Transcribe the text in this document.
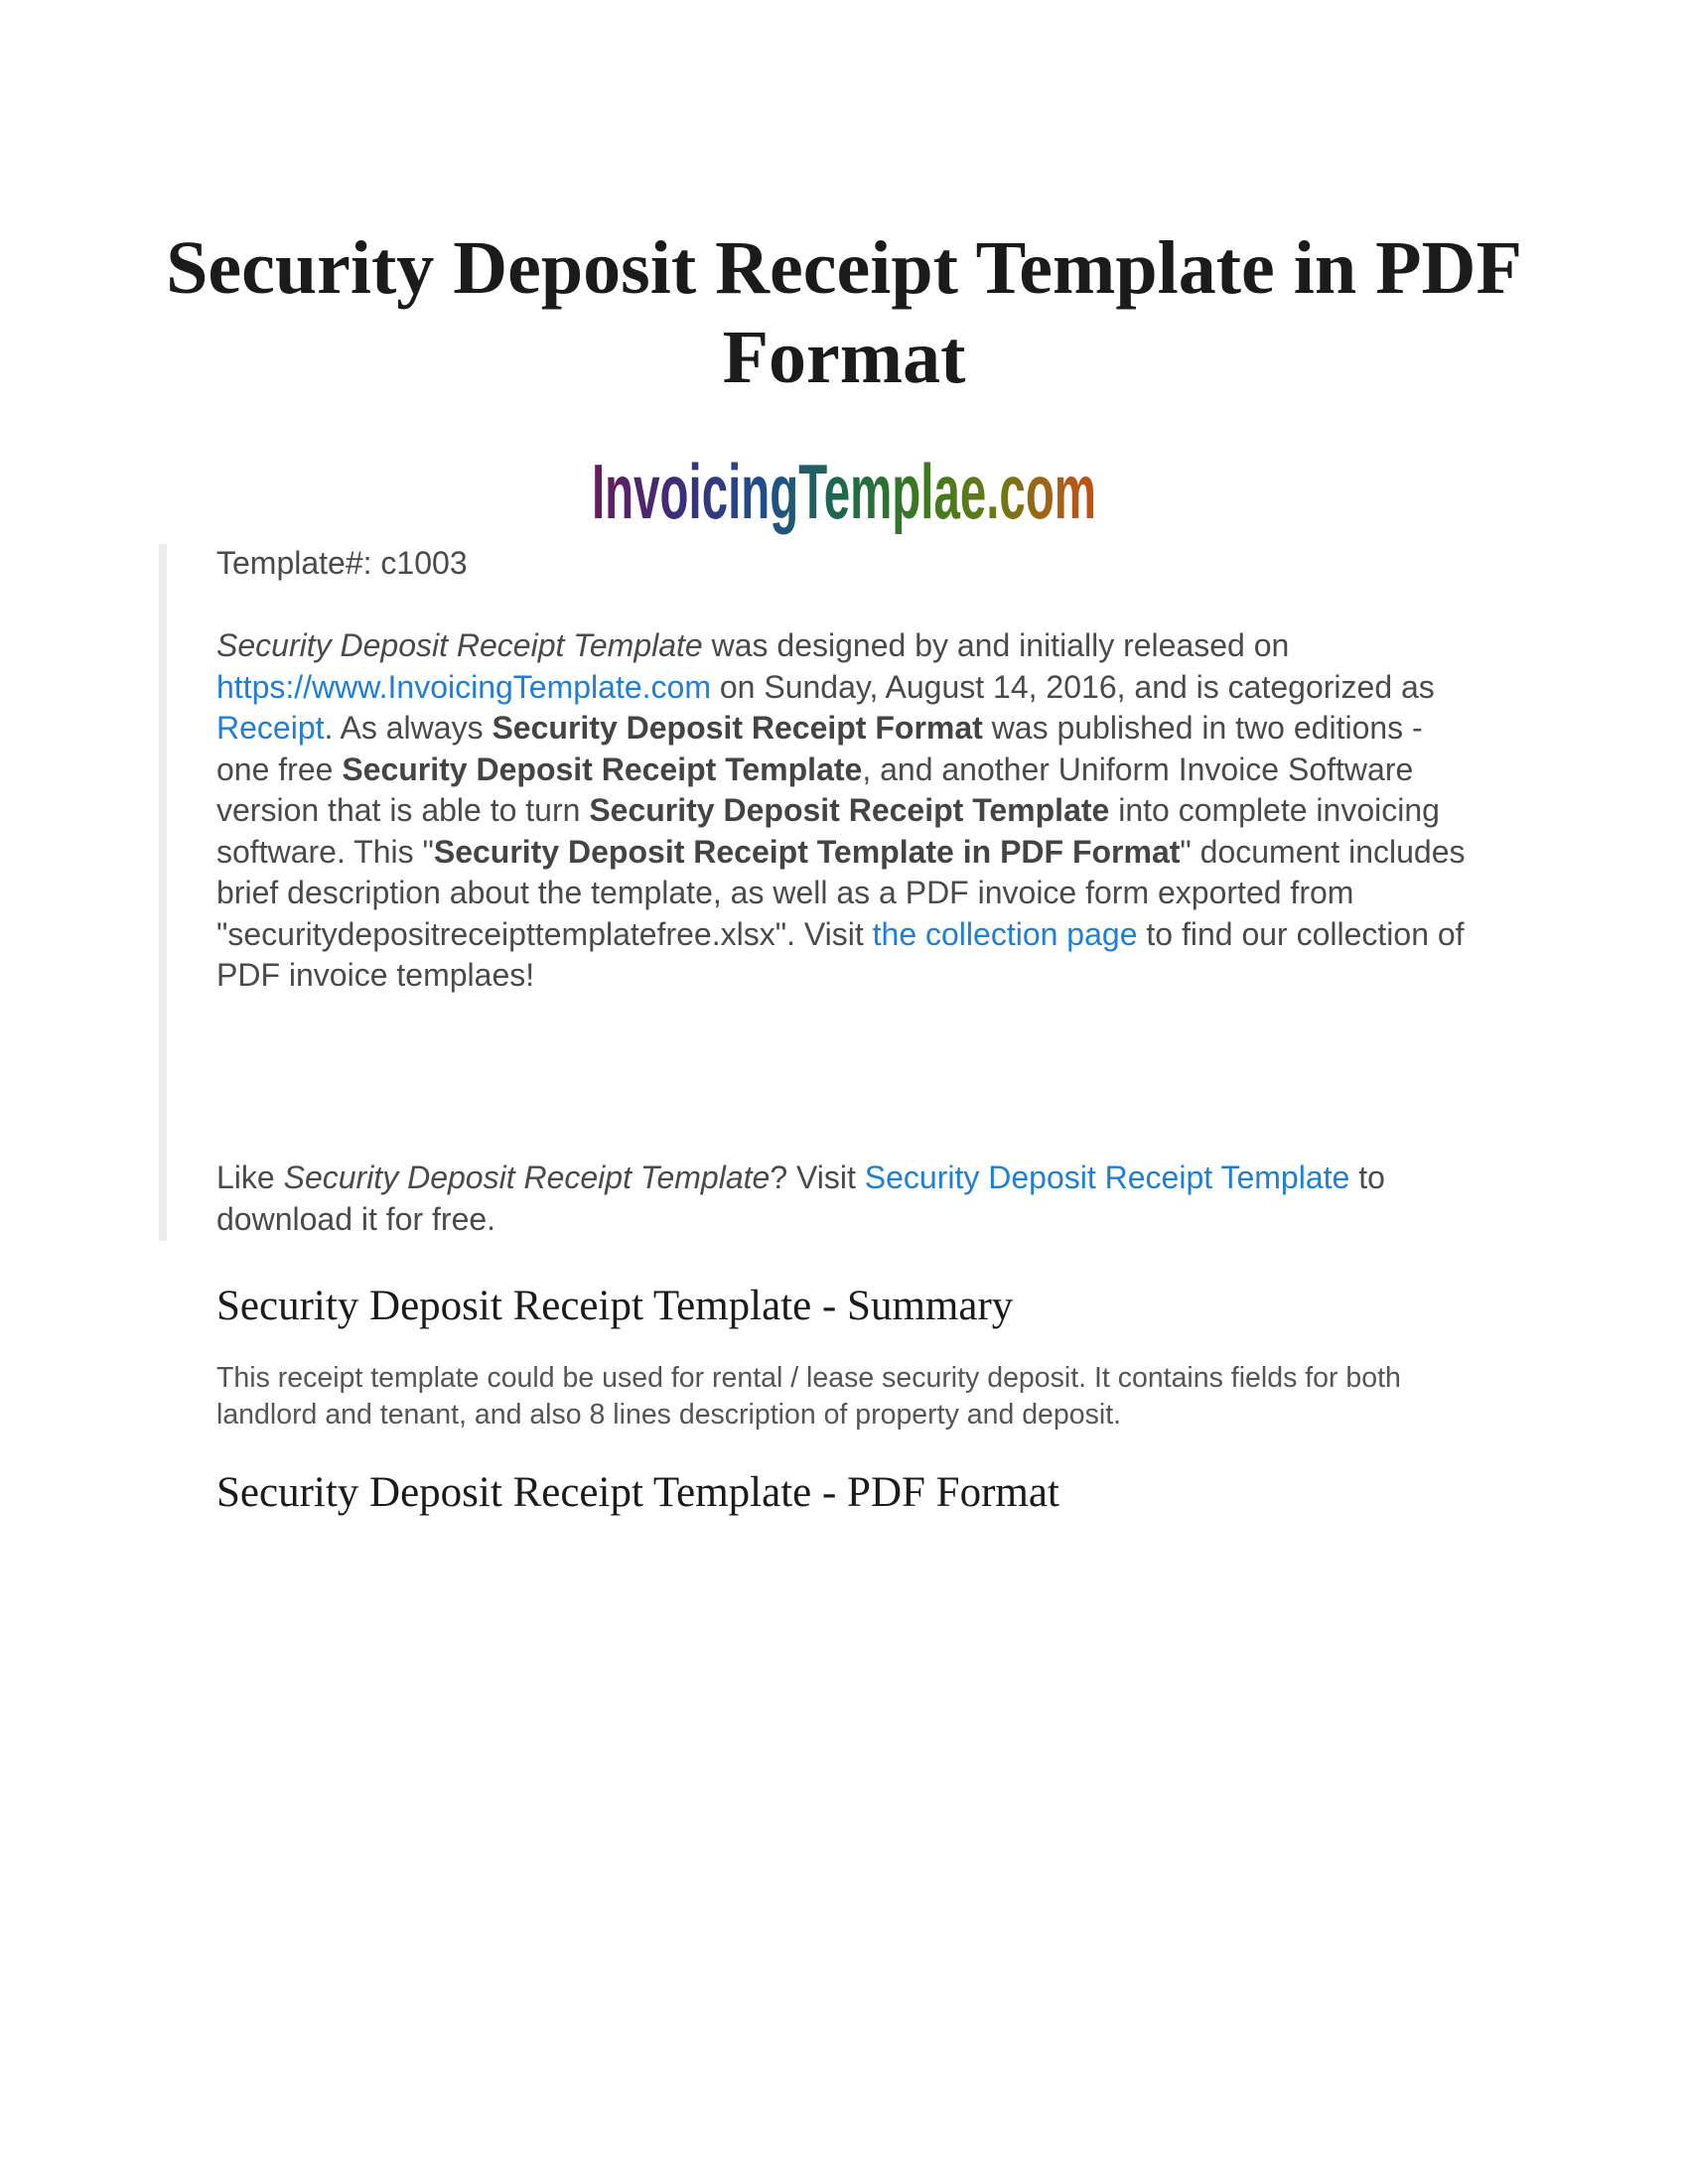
Security Deposit Receipt Template in PDF Format
InvoicingTemplae.com
Template#: c1003

Security Deposit Receipt Template was designed by and initially released on https://www.InvoicingTemplate.com on Sunday, August 14, 2016, and is categorized as Receipt. As always Security Deposit Receipt Format was published in two editions - one free Security Deposit Receipt Template, and another Uniform Invoice Software version that is able to turn Security Deposit Receipt Template into complete invoicing software. This "Security Deposit Receipt Template in PDF Format" document includes brief description about the template, as well as a PDF invoice form exported from "securitydepositreceipttemplatefree.xlsx". Visit the collection page to find our collection of PDF invoice templaes!

Like Security Deposit Receipt Template? Visit Security Deposit Receipt Template to download it for free.

Security Deposit Receipt Template - Summary

This receipt template could be used for rental / lease security deposit. It contains fields for both landlord and tenant, and also 8 lines description of property and deposit.

Security Deposit Receipt Template - PDF Format
